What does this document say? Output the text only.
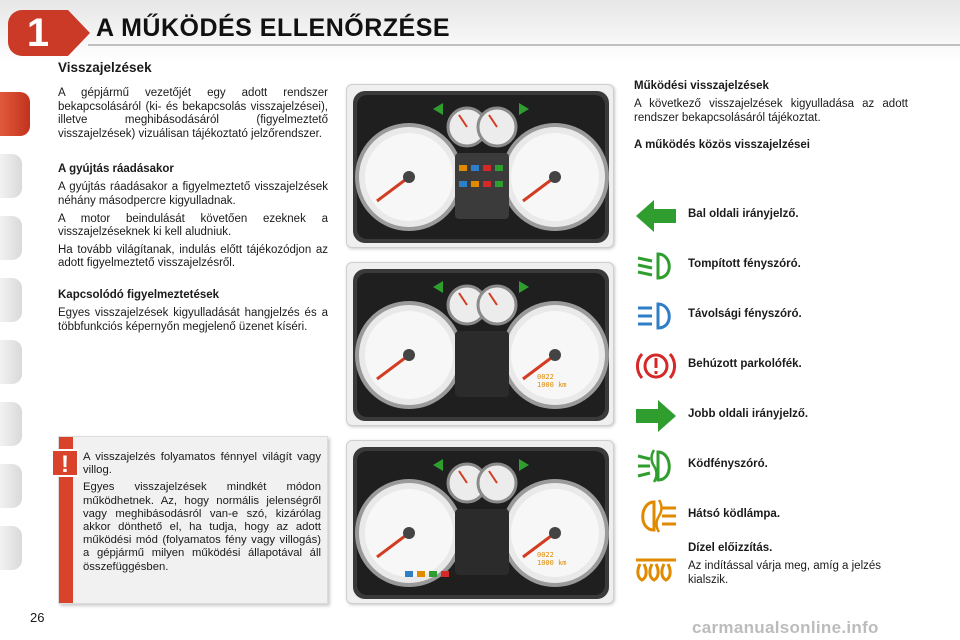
1	A MŰKÖDÉS ELLENŐRZÉSE
Visszajelzések

A gépjármű vezetőjét egy adott rendszer bekapcsolásáról (ki- és bekapcsolás visszajelzései), illetve meghibásodásáról (figyelmeztető visszajelzések) vizuálisan tájékoztató jelzőrendszer.

A gyújtás ráadásakor

A gyújtás ráadásakor a figyelmeztető visszajelzések néhány másodpercre kigyulladnak.

A motor beindulását követően ezeknek a visszajelzéseknek ki kell aludniuk.

Ha tovább világítanak, indulás előtt tájékozódjon az adott figyelmeztető visszajelzésről.

Kapcsolódó figyelmeztetések

Egyes visszajelzések kigyulladását hangjelzés és a többfunkciós képernyőn megjelenő üzenet kíséri.

!	A visszajelzés folyamatos fénnyel világít vagy villog.

Egyes visszajelzések mindkét módon működhetnek. Az, hogy normális jelenségről vagy meghibásodásról van-e szó, kizárólag akkor dönthető el, ha tudja, hogy az adott működési mód (folyamatos fény vagy villogás) a gépjármű milyen működési állapotával áll összefüggésben.

0022
1000 km
0022
1000 km
Működési visszajelzések

A következő visszajelzések kigyulladása az adott rendszer bekapcsolásáról tájékoztat.

A működés közös visszajelzései
Bal oldali irányjelző.
Tompított fényszóró.
Távolsági fényszóró.
Behúzott parkolófék.
Jobb oldali irányjelző.
Ködfényszóró.
Hátsó ködlámpa.
Dízel előizzítás.
Az indítással várja meg, amíg a jelzés kialszik.
26
carmanualsonline.info
